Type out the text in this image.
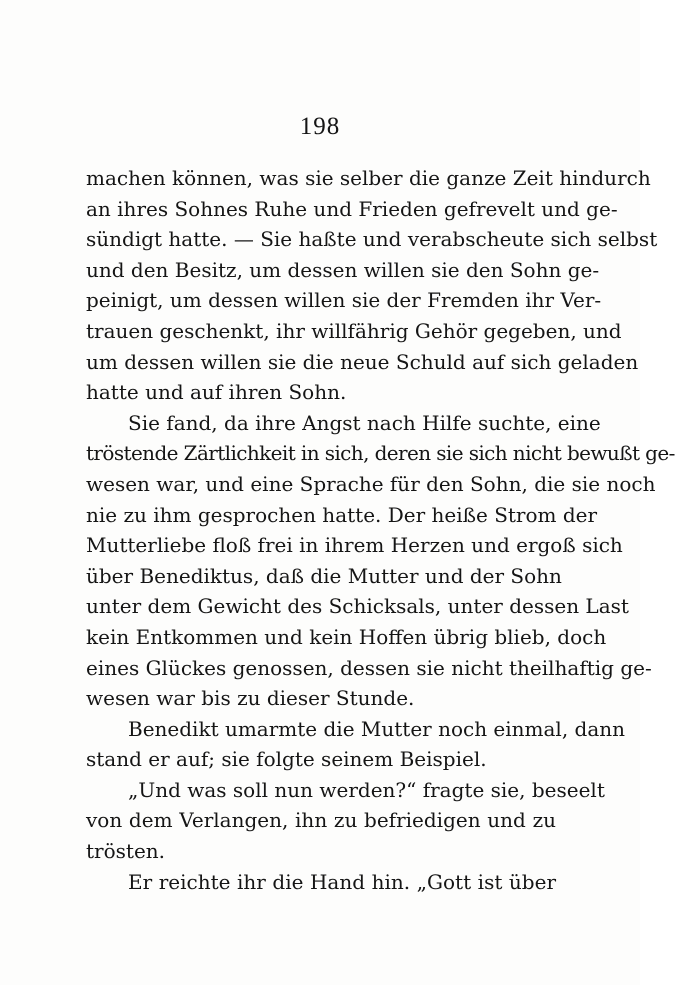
198
machen können, was sie selber die ganze Zeit hindurch
an ihres Sohnes Ruhe und Frieden gefrevelt und ge-
sündigt hatte. — Sie haßte und verabscheute sich selbst
und den Besitz, um dessen willen sie den Sohn ge-
peinigt, um dessen willen sie der Fremden ihr Ver-
trauen geschenkt, ihr willfährig Gehör gegeben, und
um dessen willen sie die neue Schuld auf sich geladen
hatte und auf ihren Sohn.
Sie fand, da ihre Angst nach Hilfe suchte, eine
tröstende Zärtlichkeit in sich, deren sie sich nicht bewußt ge-
wesen war, und eine Sprache für den Sohn, die sie noch
nie zu ihm gesprochen hatte. Der heiße Strom der
Mutterliebe floß frei in ihrem Herzen und ergoß sich
über Benediktus, daß die Mutter und der Sohn
unter dem Gewicht des Schicksals, unter dessen Last
kein Entkommen und kein Hoffen übrig blieb, doch
eines Glückes genossen, dessen sie nicht theilhaftig ge-
wesen war bis zu dieser Stunde.
Benedikt umarmte die Mutter noch einmal, dann
stand er auf; sie folgte seinem Beispiel.
„Und was soll nun werden?“ fragte sie, beseelt
von dem Verlangen, ihn zu befriedigen und zu
trösten.
Er reichte ihr die Hand hin. „Gott ist über
